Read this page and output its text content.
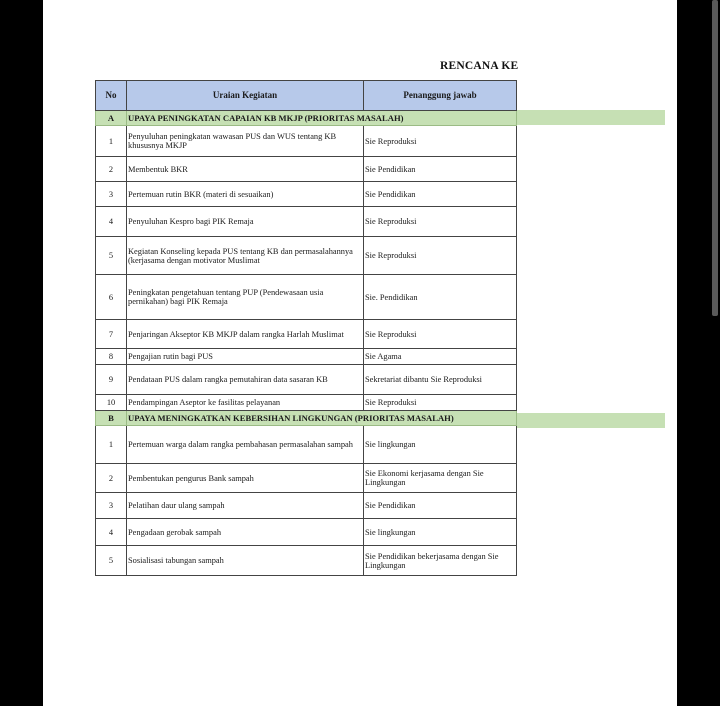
RENCANA KE
No	Uraian Kegiatan	Penanggung jawab
A	UPAYA PENINGKATAN CAPAIAN KB MKJP (PRIORITAS MASALAH)	
1	Penyuluhan peningkatan wawasan PUS dan WUS tentang KB khususnya MKJP	Sie Reproduksi
2	Membentuk BKR	Sie Pendidikan
3	Pertemuan rutin BKR (materi di sesuaikan)	Sie Pendidikan
4	Penyuluhan Kespro bagi PIK Remaja	Sie Reproduksi
5	Kegiatan Konseling kepada PUS tentang KB dan permasalahannya (kerjasama dengan motivator Muslimat	Sie Reproduksi
6	Peningkatan pengetahuan tentang PUP (Pendewasaan usia pernikahan) bagi PIK Remaja	Sie. Pendidikan
7	Penjaringan Akseptor KB MKJP dalam rangka Harlah Muslimat	Sie Reproduksi
8	Pengajian rutin bagi PUS	Sie Agama
9	Pendataan PUS dalam rangka pemutahiran data sasaran KB	Sekretariat dibantu Sie Reproduksi
10	Pendampingan Aseptor ke fasilitas pelayanan	Sie Reproduksi
B	UPAYA MENINGKATKAN KEBERSIHAN LINGKUNGAN (PRIORITAS MASALAH)	
1	Pertemuan warga dalam rangka pembahasan permasalahan sampah	Sie lingkungan
2	Pembentukan pengurus Bank sampah	Sie Ekonomi kerjasama dengan Sie Lingkungan
3	Pelatihan daur ulang sampah	Sie Pendidikan
4	Pengadaan gerobak sampah	Sie lingkungan
5	Sosialisasi tabungan sampah	Sie Pendidikan bekerjasama dengan Sie Lingkungan
